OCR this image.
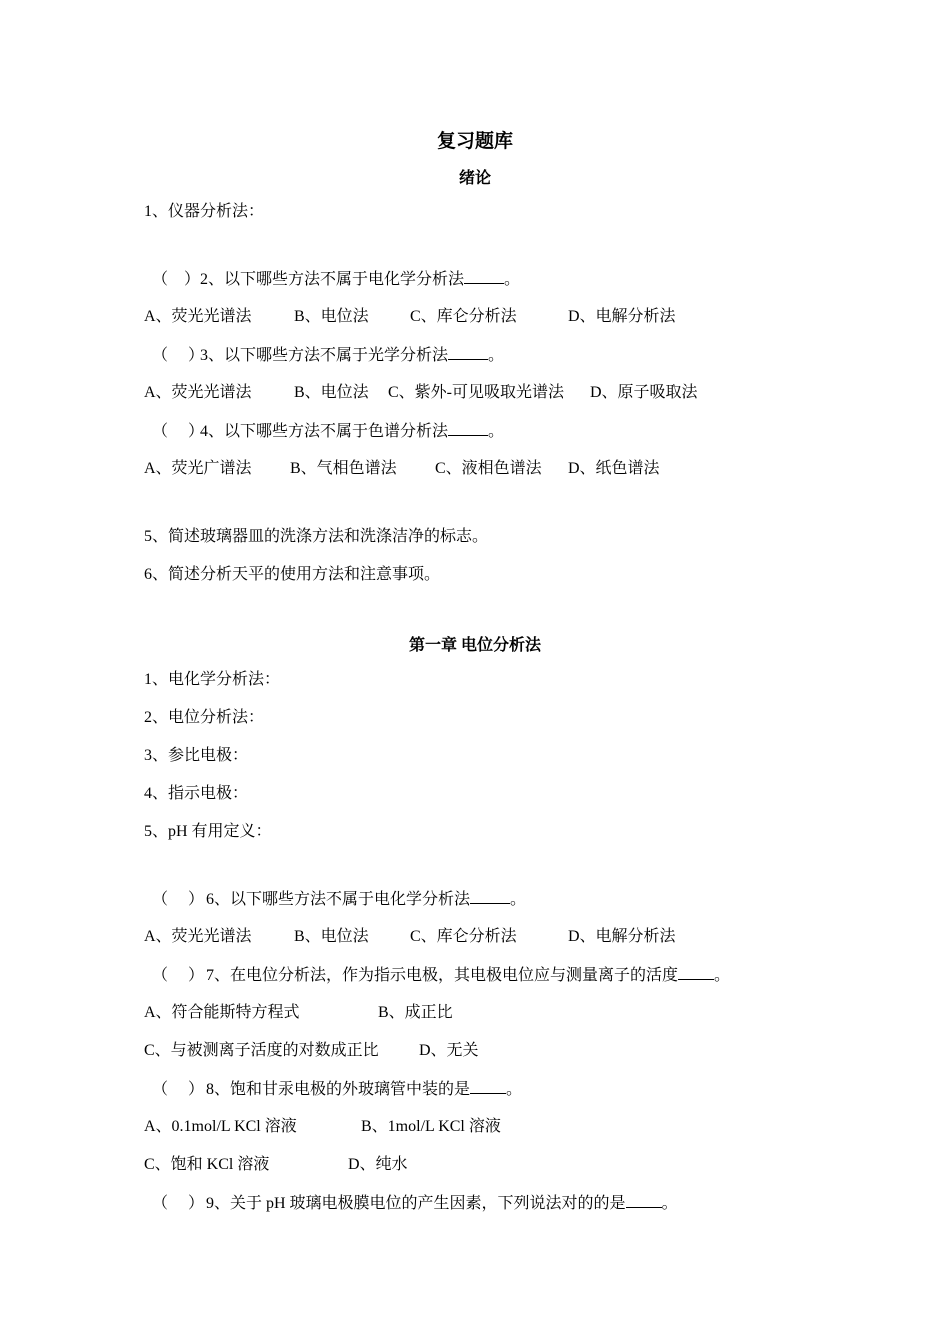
复习题库
绪论
1、仪器分析法：
（ ）2、以下哪些方法不属于电化学分析法	。
A、荧光光谱法	B、电位法	C、库仑分析法	D、电解分析法
（ ）3、以下哪些方法不属于光学分析法	。
A、荧光光谱法	B、电位法 C、紫外-可见吸取光谱法 D、原子吸取法
（ ）4、以下哪些方法不属于色谱分析法	。
A、荧光广谱法 B、气相色谱法 C、液相色谱法 D、纸色谱法
5、简述玻璃器皿的洗涤方法和洗涤洁净的标志。
6、简述分析天平的使用方法和注意事项。
第一章 电位分析法
1、电化学分析法：
2、电位分析法：
3、参比电极：
4、指示电极：
5、pH 有用定义：
（ ） 6、以下哪些方法不属于电化学分析法	。
A、荧光光谱法	B、电位法	C、库仑分析法	D、电解分析法
（ ） 7、在电位分析法，作为指示电极，其电极电位应与测量离子的活度 。
A、符合能斯特方程式	B、成正比
C、与被测离子活度的对数成正比	D、无关
（ ） 8、饱和甘汞电极的外玻璃管中装的是 。
A、0.1mol/L KCl 溶液	B、1mol/L KCl 溶液
C、饱和 KCl 溶液	D、纯水
（ ） 9、关于 pH 玻璃电极膜电位的产生因素，下列说法对的的是 。
